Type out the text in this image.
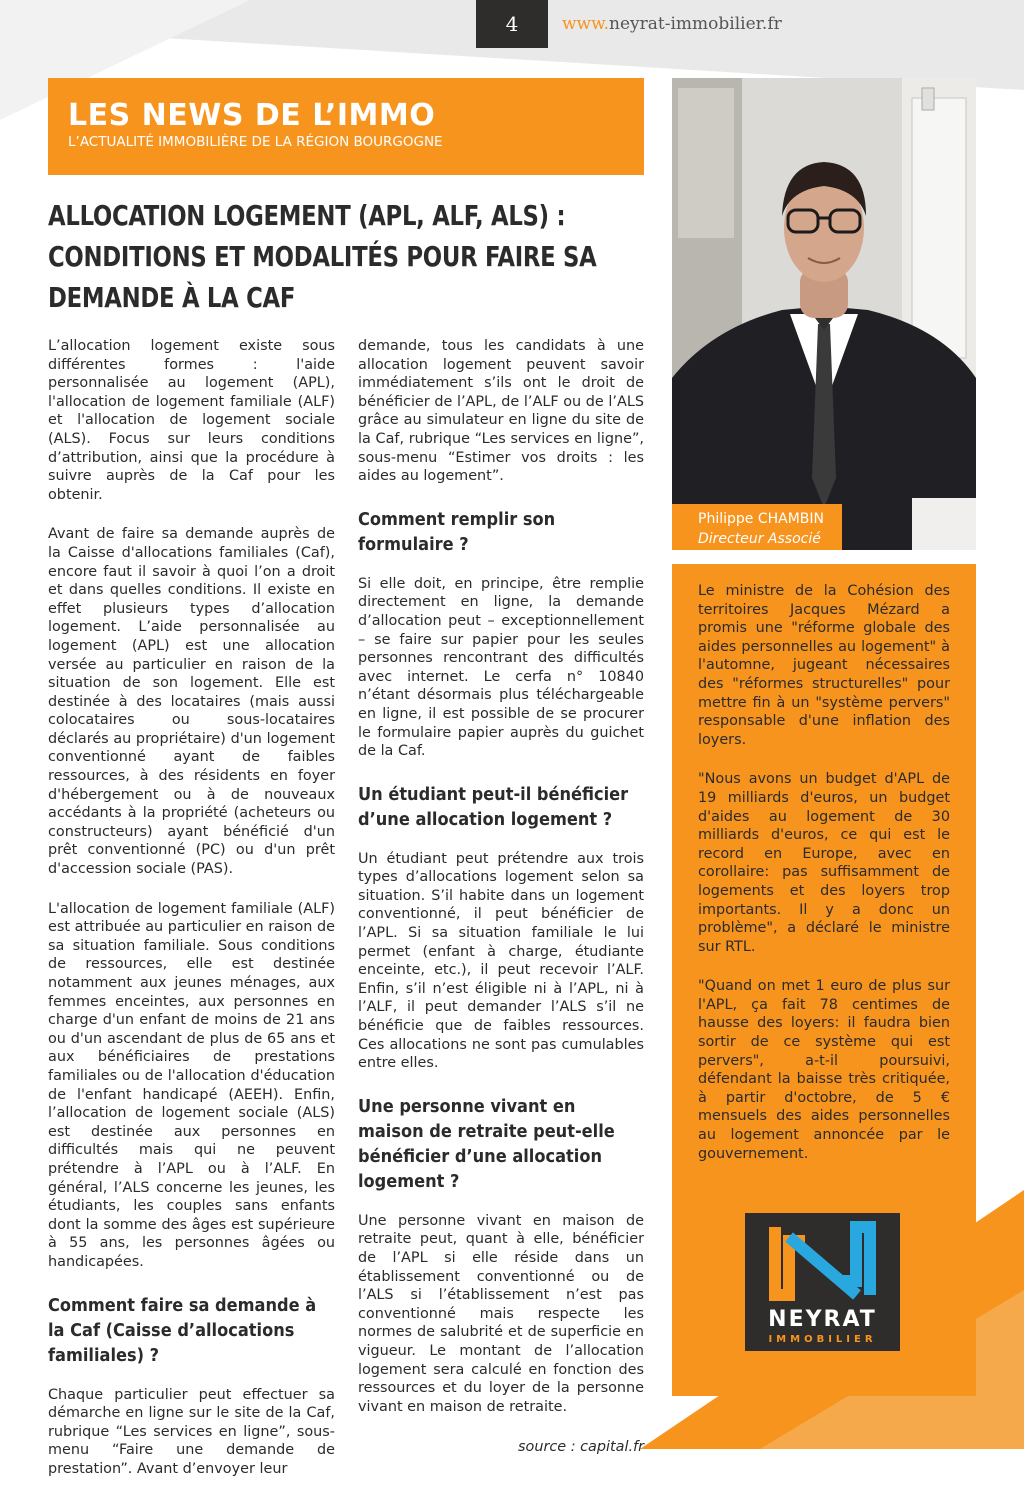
4	www.neyrat-immobilier.fr
LES NEWS DE L’IMMO
L’ACTUALITÉ IMMOBILIÈRE DE LA RÉGION BOURGOGNE
ALLOCATION LOGEMENT (APL, ALF, ALS) : CONDITIONS ET MODALITÉS POUR FAIRE SA DEMANDE À LA CAF

L’allocation logement existe sous différentes formes : l'aide personnalisée au logement (APL), l'allocation de logement familiale (ALF) et l'allocation de logement sociale (ALS). Focus sur leurs conditions d’attribution, ainsi que la procédure à suivre auprès de la Caf pour les obtenir.

Avant de faire sa demande auprès de la Caisse d'allocations familiales (Caf), encore faut il savoir à quoi l’on a droit et dans quelles conditions. Il existe en effet plusieurs types d’allocation logement. L’aide personnalisée au logement (APL) est une allocation versée au particulier en raison de la situation de son logement. Elle est destinée à des locataires (mais aussi colocataires ou sous-locataires déclarés au propriétaire) d'un logement conventionné ayant de faibles ressources, à des résidents en foyer d'hébergement ou à de nouveaux accédants à la propriété (acheteurs ou constructeurs) ayant bénéficié d'un prêt conventionné (PC) ou d'un prêt d'accession sociale (PAS).

L'allocation de logement familiale (ALF) est attribuée au particulier en raison de sa situation familiale. Sous conditions de ressources, elle est destinée notamment aux jeunes ménages, aux femmes enceintes, aux personnes en charge d'un enfant de moins de 21 ans ou d'un ascendant de plus de 65 ans et aux bénéficiaires de prestations familiales ou de l'allocation d'éducation de l'enfant handicapé (AEEH). Enfin, l’allocation de logement sociale (ALS) est destinée aux personnes en difficultés mais qui ne peuvent prétendre à l’APL ou à l’ALF. En général, l’ALS concerne les jeunes, les étudiants, les couples sans enfants dont la somme des âges est supérieure à 55 ans, les personnes âgées ou handicapées.

Comment faire sa demande à la Caf (Caisse d’allocations familiales) ?

Chaque particulier peut effectuer sa démarche en ligne sur le site de la Caf, rubrique “Les services en ligne”, sous-menu “Faire une demande de prestation”. Avant d’envoyer leur

demande, tous les candidats à une allocation logement peuvent savoir immédiatement s’ils ont le droit de bénéficier de l’APL, de l’ALF ou de l’ALS grâce au simulateur en ligne du site de la Caf, rubrique “Les services en ligne”, sous-menu “Estimer vos droits : les aides au logement”.

Comment remplir son formulaire ?

Si elle doit, en principe, être remplie directement en ligne, la demande d’allocation peut – exceptionnellement – se faire sur papier pour les seules personnes rencontrant des difficultés avec internet. Le cerfa n° 10840 n’étant désormais plus téléchargeable en ligne, il est possible de se procurer le formulaire papier auprès du guichet de la Caf.

Un étudiant peut-il bénéficier d’une allocation logement ?

Un étudiant peut prétendre aux trois types d’allocations logement selon sa situation. S’il habite dans un logement conventionné, il peut bénéficier de l’APL. Si sa situation familiale le lui permet (enfant à charge, étudiante enceinte, etc.), il peut recevoir l’ALF. Enfin, s’il n’est éligible ni à l’APL, ni à l’ALF, il peut demander l’ALS s’il ne bénéficie que de faibles ressources. Ces allocations ne sont pas cumulables entre elles.

Une personne vivant en maison de retraite peut-elle bénéficier d’une allocation logement ?

Une personne vivant en maison de retraite peut, quant à elle, bénéficier de l’APL si elle réside dans un établissement conventionné ou de l’ALS si l’établissement n’est pas conventionné mais respecte les normes de salubrité et de superficie en vigueur. Le montant de l’allocation logement sera calculé en fonction des ressources et du loyer de la personne vivant en maison de retraite.

source : capital.fr
Philippe CHAMBIN
Directeur Associé

Le ministre de la Cohésion des territoires Jacques Mézard a promis une "réforme globale des aides personnelles au logement" à l'automne, jugeant nécessaires des "réformes structurelles" pour mettre fin à un "système pervers" responsable d'une inflation des loyers.

"Nous avons un budget d'APL de 19 milliards d'euros, un budget d'aides au logement de 30 milliards d'euros, ce qui est le record en Europe, avec en corollaire: pas suffisamment de logements et des loyers trop importants. Il y a donc un problème", a déclaré le ministre sur RTL.

"Quand on met 1 euro de plus sur l'APL, ça fait 78 centimes de hausse des loyers: il faudra bien sortir de ce système qui est pervers", a-t-il poursuivi, défendant la baisse très critiquée, à partir d'octobre, de 5 € mensuels des aides personnelles au logement annoncée par le gouvernement.

NEYRAT
IMMOBILIER
